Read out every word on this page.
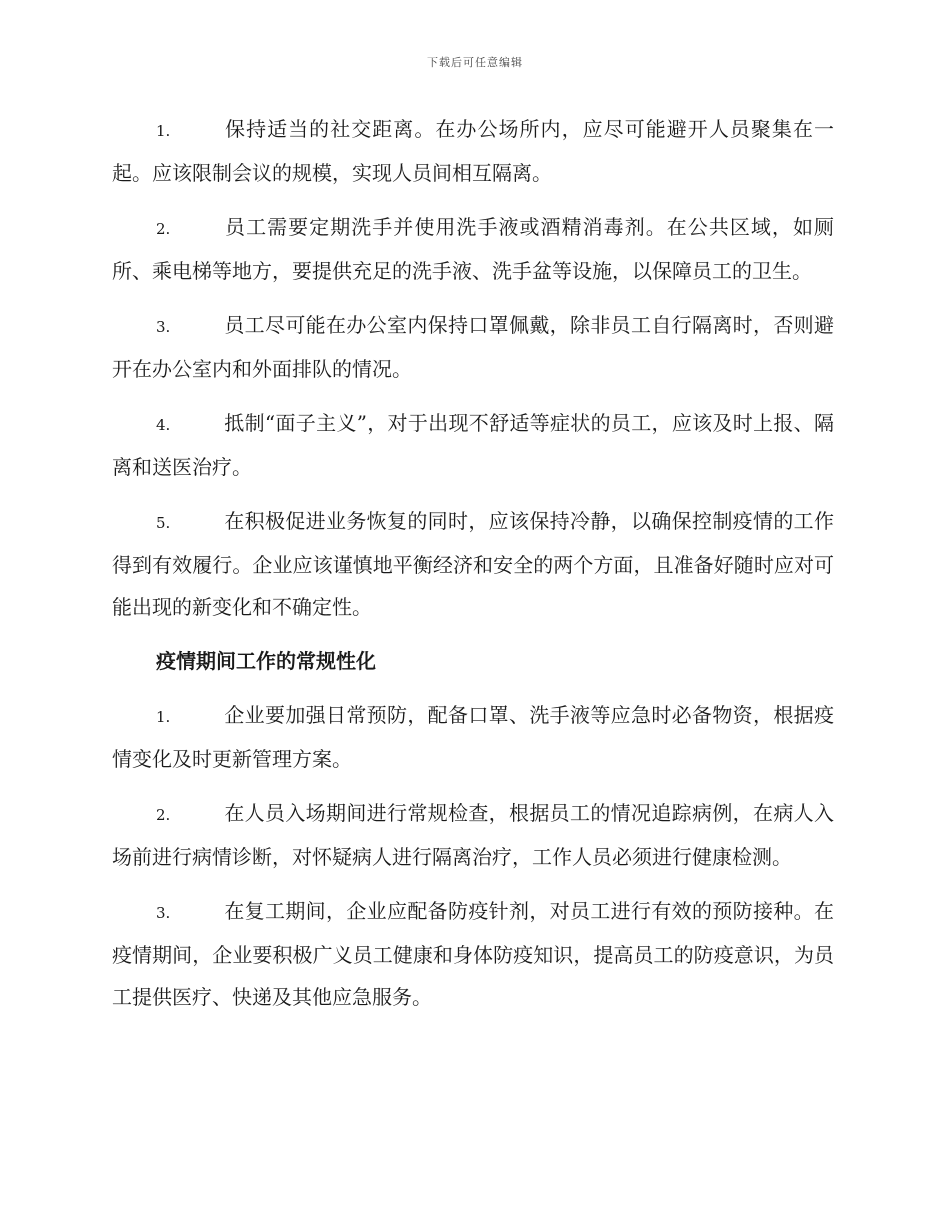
下载后可任意编辑

1.	保持适当的社交距离。在办公场所内，应尽可能避开人员聚集在一起。应该限制会议的规模，实现人员间相互隔离。

2.	员工需要定期洗手并使用洗手液或酒精消毒剂。在公共区域，如厕所、乘电梯等地方，要提供充足的洗手液、洗手盆等设施，以保障员工的卫生。

3.	员工尽可能在办公室内保持口罩佩戴，除非员工自行隔离时，否则避开在办公室内和外面排队的情况。

4.	抵制“面子主义”，对于出现不舒适等症状的员工，应该及时上报、隔离和送医治疗。

5.	在积极促进业务恢复的同时，应该保持冷静，以确保控制疫情的工作得到有效履行。企业应该谨慎地平衡经济和安全的两个方面，且准备好随时应对可能出现的新变化和不确定性。

疫情期间工作的常规性化

1.	企业要加强日常预防，配备口罩、洗手液等应急时必备物资，根据疫情变化及时更新管理方案。

2.	在人员入场期间进行常规检查，根据员工的情况追踪病例，在病人入场前进行病情诊断，对怀疑病人进行隔离治疗，工作人员必须进行健康检测。

3.	在复工期间，企业应配备防疫针剂，对员工进行有效的预防接种。在疫情期间，企业要积极广义员工健康和身体防疫知识，提高员工的防疫意识，为员工提供医疗、快递及其他应急服务。
